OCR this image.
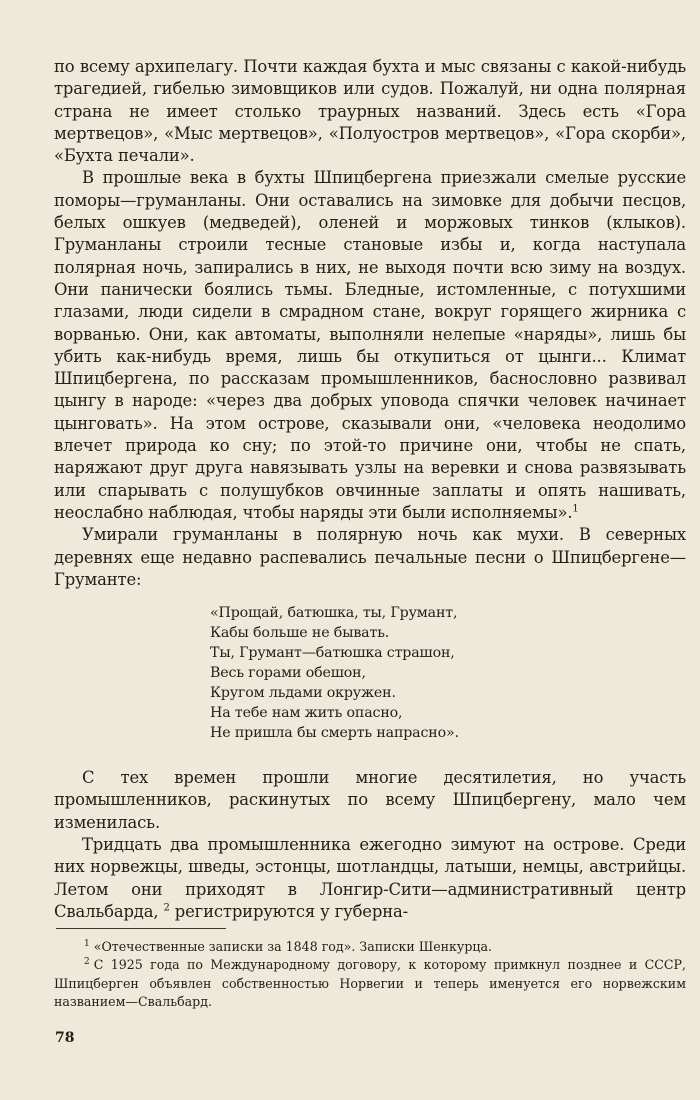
по всему архипелагу. Почти каждая бухта и мыс связаны с какой-нибудь трагедией, гибелью зимовщиков или судов. Пожалуй, ни одна полярная страна не имеет столько траурных названий. Здесь есть «Гора мертвецов», «Мыс мертвецов», «Полуостров мертвецов», «Гора скорби», «Бухта печали».

В прошлые века в бухты Шпицбергена приезжали смелые русские поморы—груманланы. Они оставались на зимовке для добычи песцов, белых ошкуев (медведей), оленей и моржовых тинков (клыков). Груманланы строили тесные становые избы и, когда наступала полярная ночь, запирались в них, не выходя почти всю зиму на воздух. Они панически боялись тьмы. Бледные, истомленные, с потухшими глазами, люди сидели в смрадном стане, вокруг горящего жирника с ворванью. Они, как автоматы, выполняли нелепые «наряды», лишь бы убить как-нибудь время, лишь бы откупиться от цынги... Климат Шпицбергена, по рассказам промышленников, баснословно развивал цынгу в народе: «через два добрых уповода спячки человек начинает цынговать». На этом острове, сказывали они, «человека неодолимо влечет природа ко сну; по этой-то причине они, чтобы не спать, наряжают друг друга навязывать узлы на веревки и снова развязывать или спарывать с полушубков овчинные заплаты и опять нашивать, неослабно наблюдая, чтобы наряды эти были исполняемы».$^1$

Умирали груманланы в полярную ночь как мухи. В северных деревнях еще недавно распевались печальные песни о Шпицбергене—Груманте:

«Прощай, батюшка, ты, Грумант,
Кабы больше не бывать.
Ты, Грумант—батюшка страшон,
Весь горами обешон,
Кругом льдами окружен.
На тебе нам жить опасно,
Не пришла бы смерть напрасно».

С тех времен прошли многие десятилетия, но участь промышленников, раскинутых по всему Шпицбергену, мало чем изменилась.

Тридцать два промышленника ежегодно зимуют на острове. Среди них норвежцы, шведы, эстонцы, шотландцы, латыши, немцы, австрийцы. Летом они приходят в Лонгир-Сити—административный центр Свальбарда, $^2$ регистрируются у губерна-

$^1$ «Отечественные записки за 1848 год». Записки Шенкурца.

$^2$ С 1925 года по Международному договору, к которому примкнул позднее и СССР, Шпицберген объявлен собственностью Норвегии и теперь именуется его норвежским названием—Свальбард.

78
